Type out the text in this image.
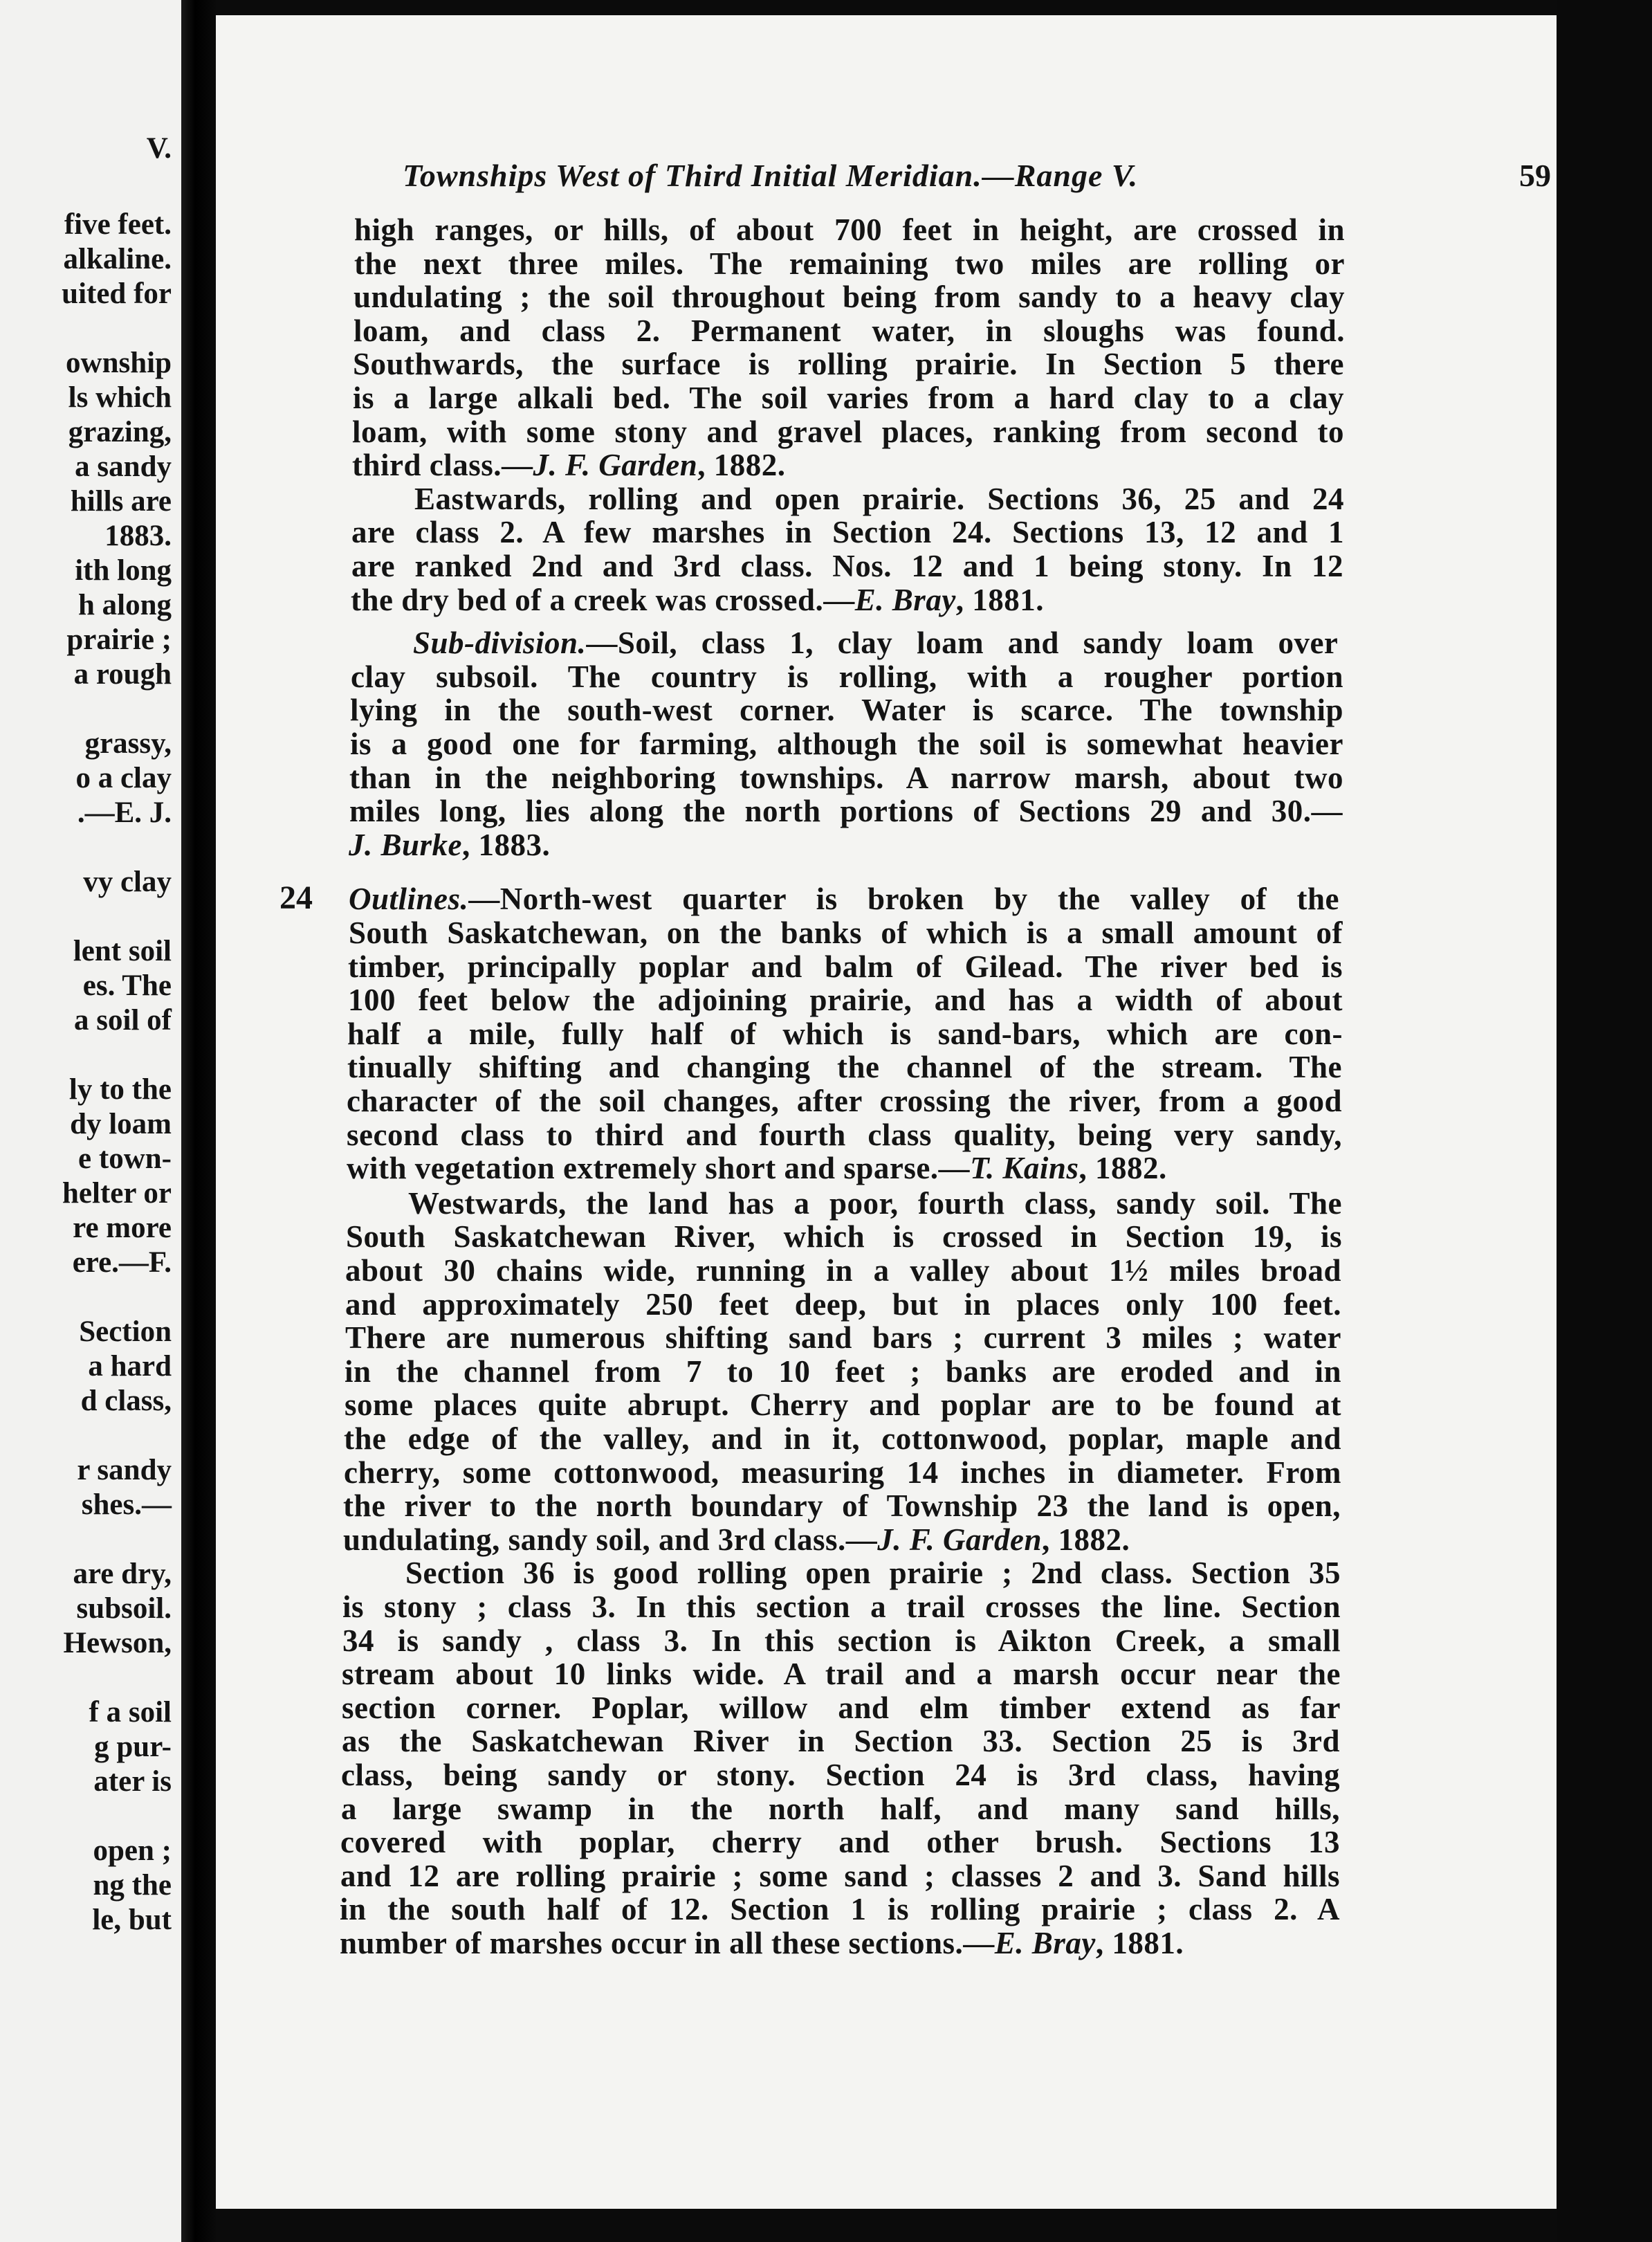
V.
five feet.
alkaline.
uited for
ownship
ls which
grazing,
a sandy
hills are
1883.
ith long
h along
prairie ;
a rough
grassy,
o a clay
.—E. J.
vy clay
lent soil
es. The
a soil of
ly to the
dy loam
e town-
helter or
re more
ere.—F.
Section
a hard
d class,
r sandy
shes.—
are dry,
subsoil.
Hewson,
f a soil
g pur-
ater is
open ;
ng the
le, but
Townships West of Third Initial Meridian.—Range V.	59
24
high ranges, or hills, of about 700 feet in height, are crossed in
the next three miles. The remaining two miles are rolling or
undulating ; the soil throughout being from sandy to a heavy clay
loam, and class 2. Permanent water, in sloughs was found.
Southwards, the surface is rolling prairie. In Section 5 there
is a large alkali bed. The soil varies from a hard clay to a clay
loam, with some stony and gravel places, ranking from second to
third class.—J. F. Garden, 1882.
Eastwards, rolling and open prairie. Sections 36, 25 and 24
are class 2. A few marshes in Section 24. Sections 13, 12 and 1
are ranked 2nd and 3rd class. Nos. 12 and 1 being stony. In 12
the dry bed of a creek was crossed.—E. Bray, 1881.
Sub-division.—Soil, class 1, clay loam and sandy loam over
clay subsoil. The country is rolling, with a rougher portion
lying in the south-west corner. Water is scarce. The township
is a good one for farming, although the soil is somewhat heavier
than in the neighboring townships. A narrow marsh, about two
miles long, lies along the north portions of Sections 29 and 30.—
J. Burke, 1883.
Outlines.—North-west quarter is broken by the valley of the
South Saskatchewan, on the banks of which is a small amount of
timber, principally poplar and balm of Gilead. The river bed is
100 feet below the adjoining prairie, and has a width of about
half a mile, fully half of which is sand-bars, which are con-
tinually shifting and changing the channel of the stream. The
character of the soil changes, after crossing the river, from a good
second class to third and fourth class quality, being very sandy,
with vegetation extremely short and sparse.—T. Kains, 1882.
Westwards, the land has a poor, fourth class, sandy soil. The
South Saskatchewan River, which is crossed in Section 19, is
about 30 chains wide, running in a valley about 1½ miles broad
and approximately 250 feet deep, but in places only 100 feet.
There are numerous shifting sand bars ; current 3 miles ; water
in the channel from 7 to 10 feet ; banks are eroded and in
some places quite abrupt. Cherry and poplar are to be found at
the edge of the valley, and in it, cottonwood, poplar, maple and
cherry, some cottonwood, measuring 14 inches in diameter. From
the river to the north boundary of Township 23 the land is open,
undulating, sandy soil, and 3rd class.—J. F. Garden, 1882.
Section 36 is good rolling open prairie ; 2nd class. Section 35
is stony ; class 3. In this section a trail crosses the line. Section
34 is sandy , class 3. In this section is Aikton Creek, a small
stream about 10 links wide. A trail and a marsh occur near the
section corner. Poplar, willow and elm timber extend as far
as the Saskatchewan River in Section 33. Section 25 is 3rd
class, being sandy or stony. Section 24 is 3rd class, having
a large swamp in the north half, and many sand hills,
covered with poplar, cherry and other brush. Sections 13
and 12 are rolling prairie ; some sand ; classes 2 and 3. Sand hills
in the south half of 12. Section 1 is rolling prairie ; class 2. A
number of marshes occur in all these sections.—E. Bray, 1881.
